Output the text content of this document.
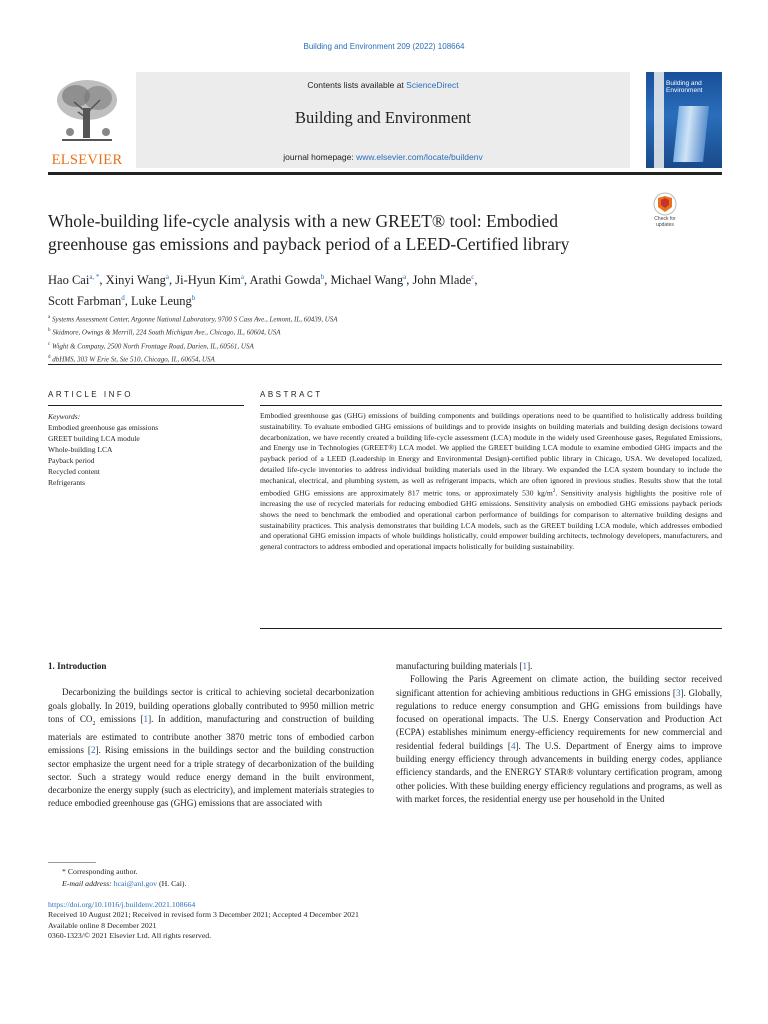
Building and Environment 209 (2022) 108664
ELSEVIER
Contents lists available at ScienceDirect
Building and Environment
journal homepage: www.elsevier.com/locate/buildenv
Building and Environment
Whole-building life-cycle analysis with a new GREET® tool: Embodied greenhouse gas emissions and payback period of a LEED-Certified library
Check for
updates
Hao Cai$^{a, *}$, Xinyi Wang$^a$, Ji-Hyun Kim$^a$, Arathi Gowda$^b$, Michael Wang$^a$, John Mlade$^c$,
Scott Farbman$^d$, Luke Leung$^b$
$^a$ Systems Assessment Center, Argonne National Laboratory, 9700 S Cass Ave., Lemont, IL, 60439, USA
$^b$ Skidmore, Owings & Merrill, 224 South Michigan Ave., Chicago, IL, 60604, USA
$^c$ Wight & Company, 2500 North Frontage Road, Darien, IL, 60561, USA
$^d$ dbHMS, 303 W Erie St, Ste 510, Chicago, IL, 60654, USA
ARTICLE INFO	ABSTRACT
Keywords:
Embodied greenhouse gas emissions
GREET building LCA module
Whole-building LCA
Payback period
Recycled content
Refrigerants
Embodied greenhouse gas (GHG) emissions of building components and buildings operations need to be quantified to holistically address building sustainability. To evaluate embodied GHG emissions of buildings and to provide insights on building materials and building design decisions toward decarbonization, we have recently created a building life-cycle assessment (LCA) module in the widely used Greenhouse gases, Regulated Emissions, and Energy use in Technologies (GREET®) LCA model. We applied the GREET building LCA module to examine embodied GHG impacts and the payback period of a LEED (Leadership in Energy and Environmental Design)-certified public library in Chicago, USA. We developed localized, detailed life-cycle inventories to address individual building materials used in the library. We expanded the LCA system boundary to include the mechanical, electrical, and plumbing system, as well as refrigerant impacts, which are often ignored in previous studies. Results show that the total embodied GHG emissions are approximately 817 metric tons, or approximately 530 $kg/m^2$. Sensitivity analysis highlights the positive role of increasing the use of recycled materials for reducing embodied GHG emissions. Sensitivity analysis on embodied GHG emissions payback periods shows the need to benchmark the embodied and operational carbon performance of buildings for comparison to alternative building designs and sustainability practices. This analysis demonstrates that building LCA models, such as the GREET building LCA module, which addresses embodied and operational GHG emission impacts of whole buildings holistically, could empower building architects, technology developers, manufacturers, and general contractors to address embodied and operational impacts holistically for building sustainability.
1. Introduction
Decarbonizing the buildings sector is critical to achieving societal decarbonization goals globally. In 2019, building operations globally contributed to 9950 million metric tons of $CO_2$ emissions [1]. In addition, manufacturing and construction of building materials are estimated to contribute another 3870 metric tons of embodied carbon emissions [2]. Rising emissions in the buildings sector and the building construction sector emphasize the urgent need for a triple strategy of decarbonization of the building sector. Such a strategy would reduce energy demand in the built environment, decarbonize the energy supply (such as electricity), and implement materials strategies to reduce embodied greenhouse gas (GHG) emissions that are associated with
manufacturing building materials [1].
Following the Paris Agreement on climate action, the building sector received significant attention for achieving ambitious reductions in GHG emissions [3]. Globally, regulations to reduce energy consumption and GHG emissions from buildings have focused on operational impacts. The U.S. Energy Conservation and Production Act (ECPA) establishes minimum energy-efficiency requirements for new commercial and residential federal buildings [4]. The U.S. Department of Energy aims to improve building energy efficiency through advancements in building energy codes, appliance efficiency standards, and the ENERGY STAR® voluntary certification program, among other policies. With these building energy efficiency regulations and programs, as well as with market forces, the residential energy use per household in the United
* Corresponding author.
E-mail address: hcai@anl.gov (H. Cai).
https://doi.org/10.1016/j.buildenv.2021.108664
Received 10 August 2021; Received in revised form 3 December 2021; Accepted 4 December 2021
Available online 8 December 2021
0360-1323/© 2021 Elsevier Ltd. All rights reserved.
